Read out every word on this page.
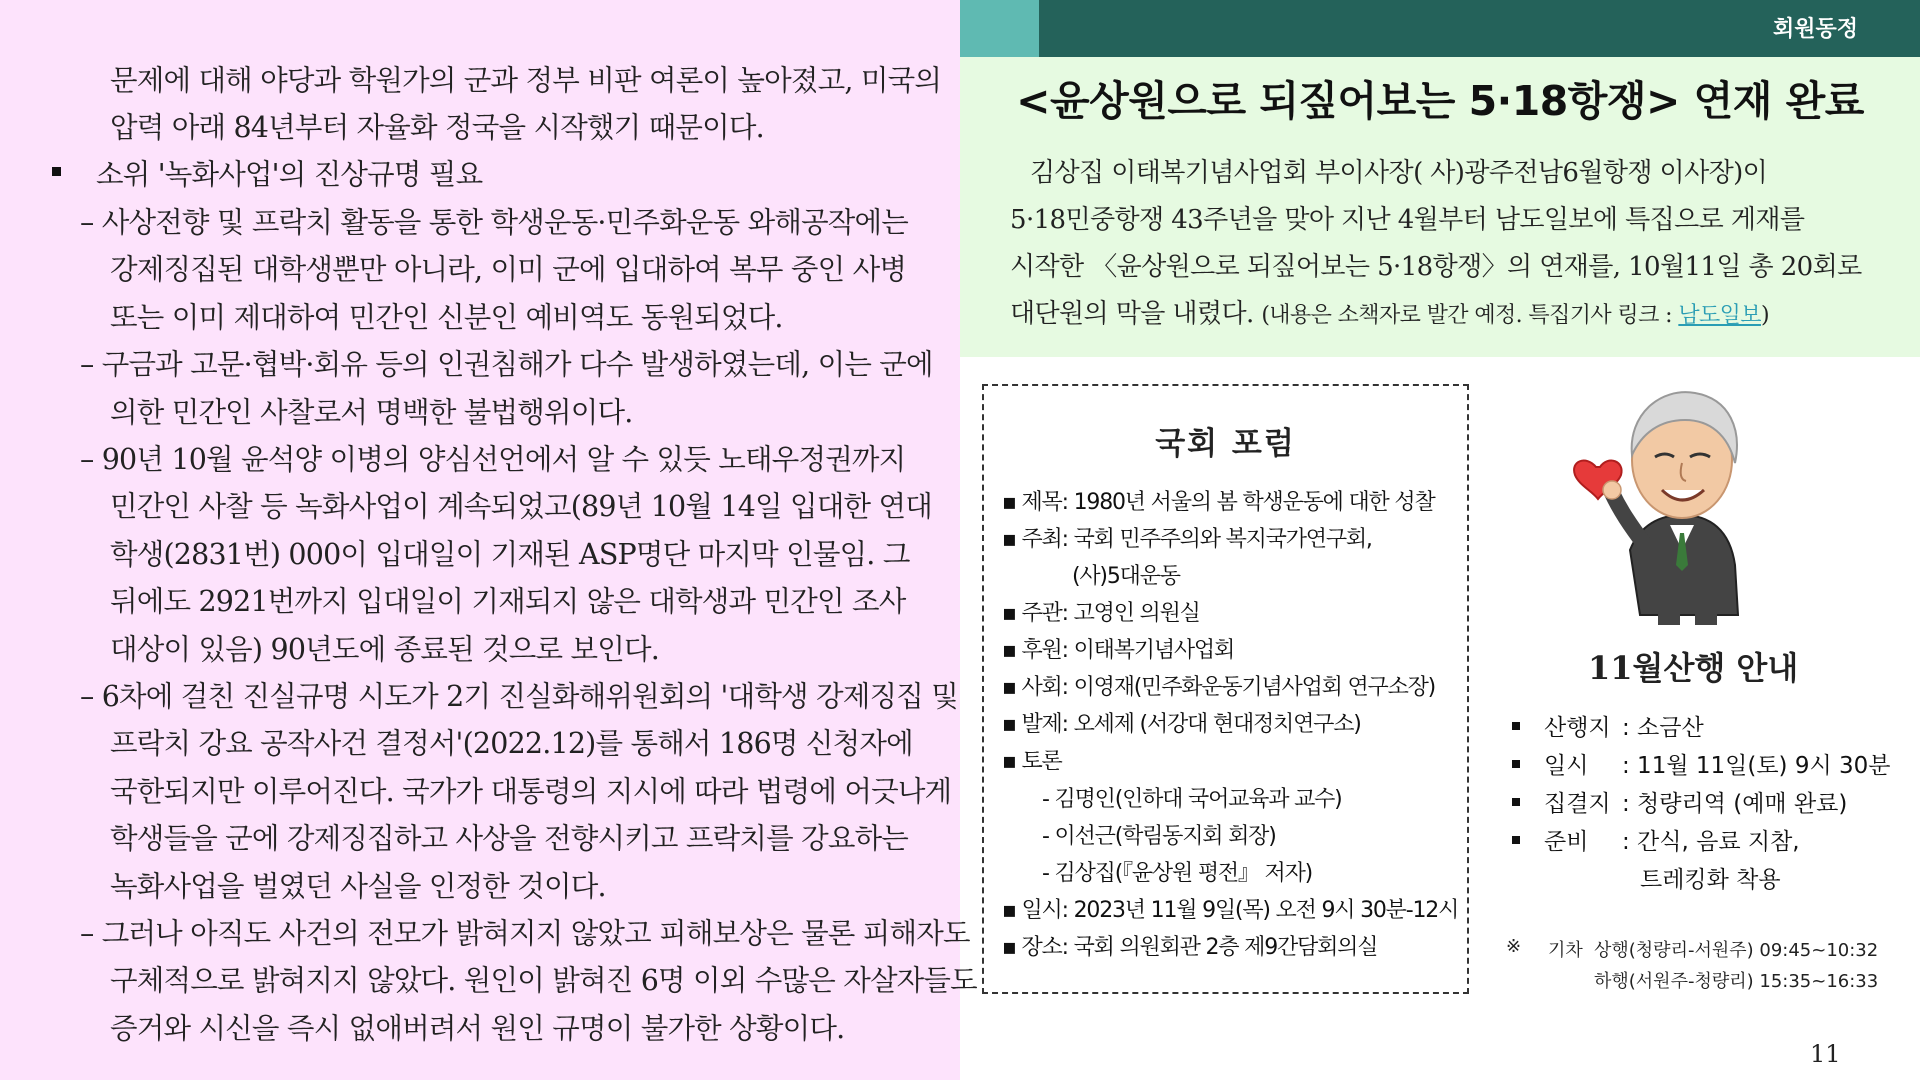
문제에 대해 야당과 학원가의 군과 정부 비판 여론이 높아졌고, 미국의
압력 아래 84년부터 자율화 정국을 시작했기 때문이다.
소위 '녹화사업'의 진상규명 필요
– 사상전향 및 프락치 활동을 통한 학생운동·민주화운동 와해공작에는
강제징집된 대학생뿐만 아니라, 이미 군에 입대하여 복무 중인 사병
또는 이미 제대하여 민간인 신분인 예비역도 동원되었다.
– 구금과 고문·협박·회유 등의 인권침해가 다수 발생하였는데, 이는 군에
의한 민간인 사찰로서 명백한 불법행위이다.
– 90년 10월 윤석양 이병의 양심선언에서 알 수 있듯 노태우정권까지
민간인 사찰 등 녹화사업이 계속되었고(89년 10월 14일 입대한 연대
학생(2831번) 000이 입대일이 기재된 ASP명단 마지막 인물임. 그
뒤에도 2921번까지 입대일이 기재되지 않은 대학생과 민간인 조사
대상이 있음) 90년도에 종료된 것으로 보인다.
– 6차에 걸친 진실규명 시도가 2기 진실화해위원회의 '대학생 강제징집 및
프락치 강요 공작사건 결정서'(2022.12)를 통해서 186명 신청자에
국한되지만 이루어진다. 국가가 대통령의 지시에 따라 법령에 어긋나게
학생들을 군에 강제징집하고 사상을 전향시키고 프락치를 강요하는
녹화사업을 벌였던 사실을 인정한 것이다.
– 그러나 아직도 사건의 전모가 밝혀지지 않았고 피해보상은 물론 피해자도
구체적으로 밝혀지지 않았다. 원인이 밝혀진 6명 이외 수많은 자살자들도
증거와 시신을 즉시 없애버려서 원인 규명이 불가한 상황이다.
회원동정
<윤상원으로 되짚어보는 5·18항쟁> 연재 완료
김상집 이태복기념사업회 부이사장( 사)광주전남6월항쟁 이사장)이
5·18민중항쟁 43주년을 맞아 지난 4월부터 남도일보에 특집으로 게재를
시작한 〈윤상원으로 되짚어보는 5·18항쟁〉의 연재를, 10월11일 총 20회로
대단원의 막을 내렸다. (내용은 소책자로 발간 예정. 특집기사 링크 : 남도일보)
국회 포럼
▪ 제목: 1980년 서울의 봄 학생운동에 대한 성찰
▪ 주최: 국회 민주주의와 복지국가연구회,
(사)5대운동
▪ 주관: 고영인 의원실
▪ 후원: 이태복기념사업회
▪ 사회: 이영재(민주화운동기념사업회 연구소장)
▪ 발제: 오세제 (서강대 현대정치연구소)
▪ 토론
- 김명인(인하대 국어교육과 교수)
- 이선근(학림동지회 회장)
- 김상집(『윤상원 평전』 저자)
▪ 일시: 2023년 11월 9일(목) 오전 9시 30분-12시
▪ 장소: 국회 의원회관 2층 제9간담회의실
11월산행 안내
산행지 : 소금산
일시 : 11월 11일(토) 9시 30분
집결지 : 청량리역 (예매 완료)
준비 : 간식, 음료 지참,
트레킹화 착용
※ 기차 상행(청량리-서원주) 09:45~10:32
하행(서원주-청량리) 15:35~16:33
11
